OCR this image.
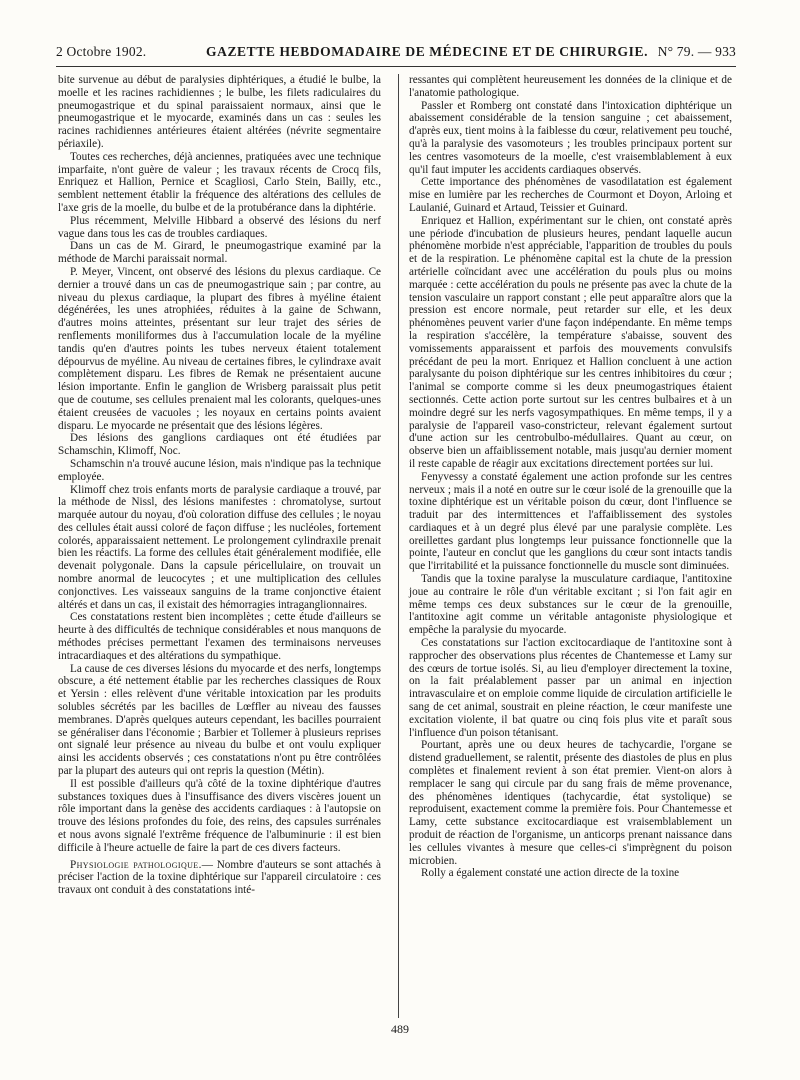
2 Octobre 1902.	GAZETTE HEBDOMADAIRE DE MÉDECINE ET DE CHIRURGIE. N° 79. — 933

bite survenue au début de paralysies diphtériques, a étudié le bulbe, la moelle et les racines rachidiennes ; le bulbe, les filets radiculaires du pneumogastrique et du spinal paraissaient normaux, ainsi que le pneumogastrique et le myocarde, examinés dans un cas : seules les racines rachidiennes antérieures étaient altérées (névrite segmentaire périaxile).

Toutes ces recherches, déjà anciennes, pratiquées avec une technique imparfaite, n'ont guère de valeur ; les travaux récents de Crocq fils, Enriquez et Hallion, Pernice et Scagliosi, Carlo Stein, Bailly, etc., semblent nettement établir la fréquence des altérations des cellules de l'axe gris de la moelle, du bulbe et de la protubérance dans la diphtérie.

Plus récemment, Melville Hibbard a observé des lésions du nerf vague dans tous les cas de troubles cardiaques.

Dans un cas de M. Girard, le pneumogastrique examiné par la méthode de Marchi paraissait normal.

P. Meyer, Vincent, ont observé des lésions du plexus cardiaque. Ce dernier a trouvé dans un cas de pneumogastrique sain ; par contre, au niveau du plexus cardiaque, la plupart des fibres à myéline étaient dégénérées, les unes atrophiées, réduites à la gaine de Schwann, d'autres moins atteintes, présentant sur leur trajet des séries de renflements moniliformes dus à l'accumulation locale de la myéline tandis qu'en d'autres points les tubes nerveux étaient totalement dépourvus de myéline. Au niveau de certaines fibres, le cylindraxe avait complètement disparu. Les fibres de Remak ne présentaient aucune lésion importante. Enfin le ganglion de Wrisberg paraissait plus petit que de coutume, ses cellules prenaient mal les colorants, quelques-unes étaient creusées de vacuoles ; les noyaux en certains points avaient disparu. Le myocarde ne présentait que des lésions légères.

Des lésions des ganglions cardiaques ont été étudiées par Schamschin, Klimoff, Noc.

Schamschin n'a trouvé aucune lésion, mais n'indique pas la technique employée.

Klimoff chez trois enfants morts de paralysie cardiaque a trouvé, par la méthode de Nissl, des lésions manifestes : chromatolyse, surtout marquée autour du noyau, d'où coloration diffuse des cellules ; le noyau des cellules était aussi coloré de façon diffuse ; les nucléoles, fortement colorés, apparaissaient nettement. Le prolongement cylindraxile prenait bien les réactifs. La forme des cellules était généralement modifiée, elle devenait polygonale. Dans la capsule péricellulaire, on trouvait un nombre anormal de leucocytes ; et une multiplication des cellules conjonctives. Les vaisseaux sanguins de la trame conjonctive étaient altérés et dans un cas, il existait des hémorragies intraganglionnaires.

Ces constatations restent bien incomplètes ; cette étude d'ailleurs se heurte à des difficultés de technique considérables et nous manquons de méthodes précises permettant l'examen des terminaisons nerveuses intracardiaques et des altérations du sympathique.

La cause de ces diverses lésions du myocarde et des nerfs, longtemps obscure, a été nettement établie par les recherches classiques de Roux et Yersin : elles relèvent d'une véritable intoxication par les produits solubles sécrétés par les bacilles de Lœffler au niveau des fausses membranes. D'après quelques auteurs cependant, les bacilles pourraient se généraliser dans l'économie ; Barbier et Tollemer à plusieurs reprises ont signalé leur présence au niveau du bulbe et ont voulu expliquer ainsi les accidents observés ; ces constatations n'ont pu être contrôlées par la plupart des auteurs qui ont repris la question (Métin).

Il est possible d'ailleurs qu'à côté de la toxine diphtérique d'autres substances toxiques dues à l'insuffisance des divers viscères jouent un rôle important dans la genèse des accidents cardiaques : à l'autopsie on trouve des lésions profondes du foie, des reins, des capsules surrénales et nous avons signalé l'extrême fréquence de l'albuminurie : il est bien difficile à l'heure actuelle de faire la part de ces divers facteurs.

Physiologie pathologique.— Nombre d'auteurs se sont attachés à préciser l'action de la toxine diphtérique sur l'appareil circulatoire : ces travaux ont conduit à des constatations inté-

ressantes qui complètent heureusement les données de la clinique et de l'anatomie pathologique.

Passler et Romberg ont constaté dans l'intoxication diphtérique un abaissement considérable de la tension sanguine ; cet abaissement, d'après eux, tient moins à la faiblesse du cœur, relativement peu touché, qu'à la paralysie des vasomoteurs ; les troubles principaux portent sur les centres vasomoteurs de la moelle, c'est vraisemblablement à eux qu'il faut imputer les accidents cardiaques observés.

Cette importance des phénomènes de vasodilatation est également mise en lumière par les recherches de Courmont et Doyon, Arloing et Laulanié, Guinard et Artaud, Teissier et Guinard.

Enriquez et Hallion, expérimentant sur le chien, ont constaté après une période d'incubation de plusieurs heures, pendant laquelle aucun phénomène morbide n'est appréciable, l'apparition de troubles du pouls et de la respiration. Le phénomène capital est la chute de la pression artérielle coïncidant avec une accélération du pouls plus ou moins marquée : cette accélération du pouls ne présente pas avec la chute de la tension vasculaire un rapport constant ; elle peut apparaître alors que la pression est encore normale, peut retarder sur elle, et les deux phénomènes peuvent varier d'une façon indépendante. En même temps la respiration s'accélère, la température s'abaisse, souvent des vomissements apparaissent et parfois des mouvements convulsifs précédant de peu la mort. Enriquez et Hallion concluent à une action paralysante du poison diphtérique sur les centres inhibitoires du cœur ; l'animal se comporte comme si les deux pneumogastriques étaient sectionnés. Cette action porte surtout sur les centres bulbaires et à un moindre degré sur les nerfs vagosympathiques. En même temps, il y a paralysie de l'appareil vaso-constricteur, relevant également surtout d'une action sur les centrobulbo-médullaires. Quant au cœur, on observe bien un affaiblissement notable, mais jusqu'au dernier moment il reste capable de réagir aux excitations directement portées sur lui.

Fenyvessy a constaté également une action profonde sur les centres nerveux ; mais il a noté en outre sur le cœur isolé de la grenouille que la toxine diphtérique est un véritable poison du cœur, dont l'influence se traduit par des intermittences et l'affaiblissement des systoles cardiaques et à un degré plus élevé par une paralysie complète. Les oreillettes gardant plus longtemps leur puissance fonctionnelle que la pointe, l'auteur en conclut que les ganglions du cœur sont intacts tandis que l'irritabilité et la puissance fonctionnelle du muscle sont diminuées.

Tandis que la toxine paralyse la musculature cardiaque, l'antitoxine joue au contraire le rôle d'un véritable excitant ; si l'on fait agir en même temps ces deux substances sur le cœur de la grenouille, l'antitoxine agit comme un véritable antagoniste physiologique et empêche la paralysie du myocarde.

Ces constatations sur l'action excitocardiaque de l'antitoxine sont à rapprocher des observations plus récentes de Chantemesse et Lamy sur des cœurs de tortue isolés. Si, au lieu d'employer directement la toxine, on la fait préalablement passer par un animal en injection intravasculaire et on emploie comme liquide de circulation artificielle le sang de cet animal, soustrait en pleine réaction, le cœur manifeste une excitation violente, il bat quatre ou cinq fois plus vite et paraît sous l'influence d'un poison tétanisant.

Pourtant, après une ou deux heures de tachycardie, l'organe se distend graduellement, se ralentit, présente des diastoles de plus en plus complètes et finalement revient à son état premier. Vient-on alors à remplacer le sang qui circule par du sang frais de même provenance, des phénomènes identiques (tachycardie, état systolique) se reproduisent, exactement comme la première fois. Pour Chantemesse et Lamy, cette substance excitocardiaque est vraisemblablement un produit de réaction de l'organisme, un anticorps prenant naissance dans les cellules vivantes à mesure que celles-ci s'imprègnent du poison microbien.

Rolly a également constaté une action directe de la toxine

489
